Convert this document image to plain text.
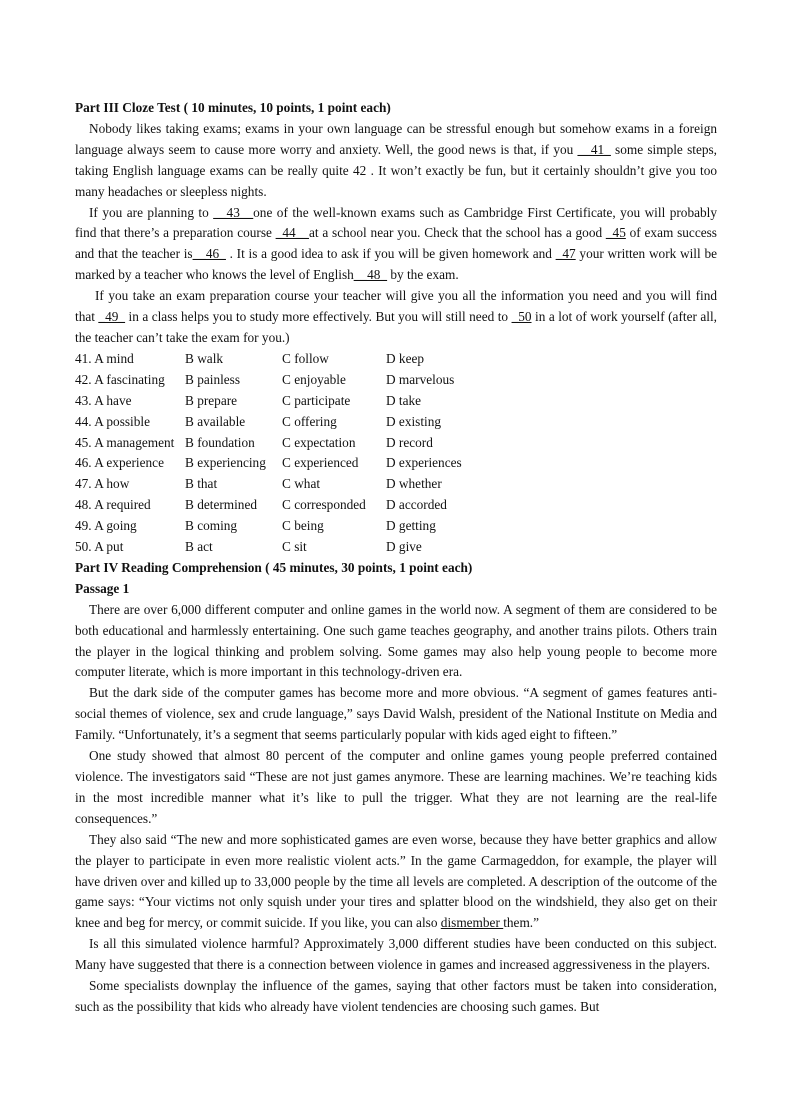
Part III Cloze Test ( 10 minutes, 10 points, 1 point each)

Nobody likes taking exams; exams in your own language can be stressful enough but somehow exams in a foreign language always seem to cause more worry and anxiety. Well, the good news is that, if you __41_ some simple steps, taking English language exams can be really quite 42 . It won’t exactly be fun, but it certainly shouldn’t give you too many headaches or sleepless nights.

If you are planning to __43__one of the well-known exams such as Cambridge First Certificate, you will probably find that there’s a preparation course _44__at a school near you. Check that the school has a good _45 of exam success and that the teacher is__46_ . It is a good idea to ask if you will be given homework and _47 your written work will be marked by a teacher who knows the level of English__48_ by the exam.

If you take an exam preparation course your teacher will give you all the information you need and you will find that _49_ in a class helps you to study more effectively. But you will still need to _50 in a lot of work yourself (after all, the teacher can’t take the exam for you.)

41. A mind	B walk	C follow	D keep
42. A fascinating	B painless	C enjoyable	D marvelous
43. A have	B prepare	C participate	D take
44. A possible	B available	C offering	D existing
45. A management B foundation	C expectation	D record
46. A experience	B experiencing	C experienced	D experiences
47. A how	B that	C what	D whether
48. A required	B determined	C corresponded	D accorded
49. A going	B coming	C being	D getting
50. A put	B act	C sit	D give
Part IV Reading Comprehension ( 45 minutes, 30 points, 1 point each)
Passage 1

There are over 6,000 different computer and online games in the world now. A segment of them are considered to be both educational and harmlessly entertaining. One such game teaches geography, and another trains pilots. Others train the player in the logical thinking and problem solving. Some games may also help young people to become more computer literate, which is more important in this technology-driven era.

But the dark side of the computer games has become more and more obvious. “A segment of games features anti-social themes of violence, sex and crude language,” says David Walsh, president of the National Institute on Media and Family. “Unfortunately, it’s a segment that seems particularly popular with kids aged eight to fifteen.”

One study showed that almost 80 percent of the computer and online games young people preferred contained violence. The investigators said “These are not just games anymore. These are learning machines. We’re teaching kids in the most incredible manner what it’s like to pull the trigger. What they are not learning are the real-life consequences.”

They also said “The new and more sophisticated games are even worse, because they have better graphics and allow the player to participate in even more realistic violent acts.” In the game Carmageddon, for example, the player will have driven over and killed up to 33,000 people by the time all levels are completed. A description of the outcome of the game says: “Your victims not only squish under your tires and splatter blood on the windshield, they also get on their knee and beg for mercy, or commit suicide. If you like, you can also dismember them.”

Is all this simulated violence harmful? Approximately 3,000 different studies have been conducted on this subject. Many have suggested that there is a connection between violence in games and increased aggressiveness in the players.

Some specialists downplay the influence of the games, saying that other factors must be taken into consideration, such as the possibility that kids who already have violent tendencies are choosing such games. But
